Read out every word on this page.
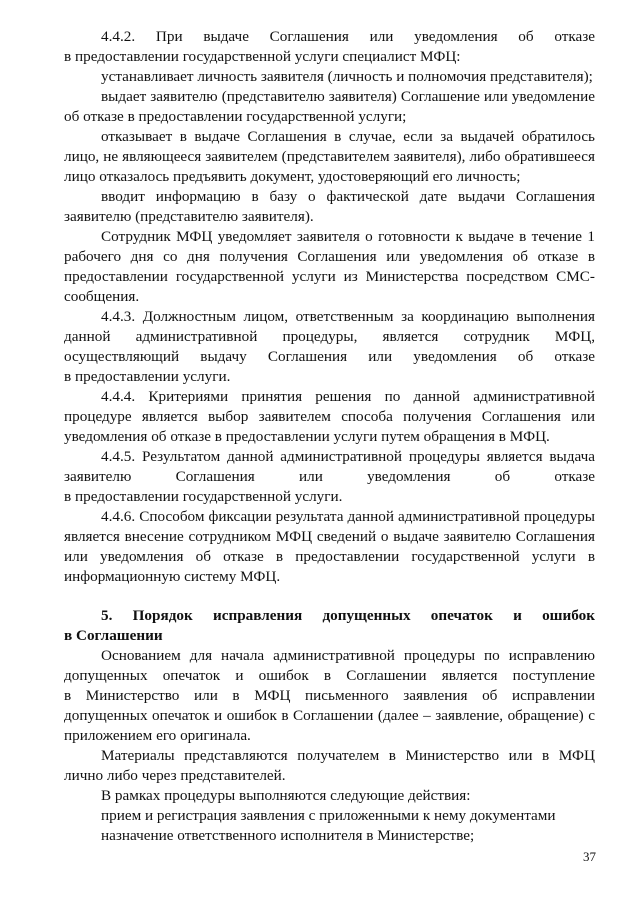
4.4.2. При выдаче Соглашения или уведомления об отказе

в предоставлении государственной услуги специалист МФЦ:

устанавливает личность заявителя (личность и полномочия представителя);

выдает заявителю (представителю заявителя) Соглашение или уведомление об отказе в предоставлении государственной услуги;

отказывает в выдаче Соглашения в случае, если за выдачей обратилось лицо, не являющееся заявителем (представителем заявителя), либо обратившееся лицо отказалось предъявить документ, удостоверяющий его личность;

вводит информацию в базу о фактической дате выдачи Соглашения заявителю (представителю заявителя).

Сотрудник МФЦ уведомляет заявителя о готовности к выдаче в течение 1 рабочего дня со дня получения Соглашения или уведомления об отказе в предоставлении государственной услуги из Министерства посредством СМС-сообщения.

4.4.3. Должностным лицом, ответственным за координацию выполнения данной административной процедуры, является сотрудник МФЦ, осуществляющий выдачу Соглашения или уведомления об отказе

в предоставлении услуги.

4.4.4. Критериями принятия решения по данной административной процедуре является выбор заявителем способа получения Соглашения или уведомления об отказе в предоставлении услуги путем обращения в МФЦ.

4.4.5. Результатом данной административной процедуры является выдача заявителю Соглашения или уведомления об отказе

в предоставлении государственной услуги.

4.4.6. Способом фиксации результата данной административной процедуры является внесение сотрудником МФЦ сведений о выдаче заявителю Соглашения или уведомления об отказе в предоставлении государственной услуги в информационную систему МФЦ.

5. Порядок исправления допущенных опечаток и ошибок

в Соглашении

Основанием для начала административной процедуры по исправлению допущенных опечаток и ошибок в Соглашении является поступление

в Министерство или в МФЦ письменного заявления об исправлении допущенных опечаток и ошибок в Соглашении (далее – заявление, обращение) с приложением его оригинала.

Материалы представляются получателем в Министерство или в МФЦ лично либо через представителей.

В рамках процедуры выполняются следующие действия:

прием и регистрация заявления с приложенными к нему документами

назначение ответственного исполнителя в Министерстве;

37
